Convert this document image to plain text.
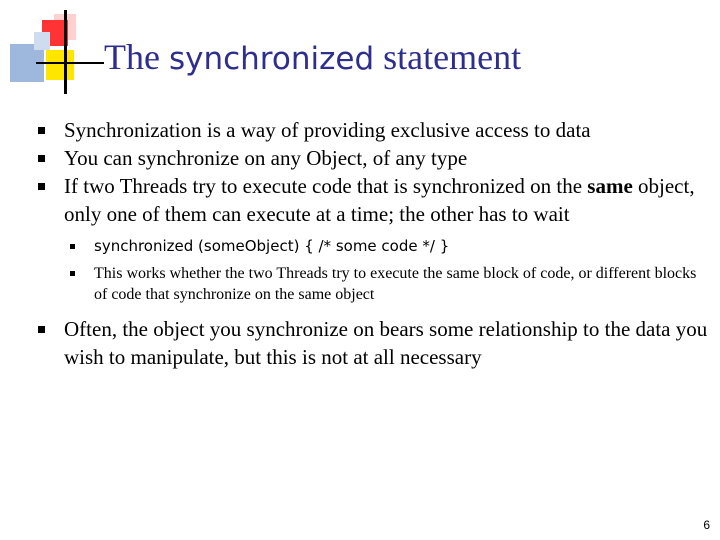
The synchronized statement

Synchronization is a way of providing exclusive access to data

You can synchronize on any Object, of any type

If two Threads try to execute code that is synchronized on the same object, only one of them can execute at a time; the other has to wait

synchronized (someObject) { /* some code */ }

This works whether the two Threads try to execute the same block of code, or different blocks of code that synchronize on the same object

Often, the object you synchronize on bears some relationship to the data you wish to manipulate, but this is not at all necessary

6
